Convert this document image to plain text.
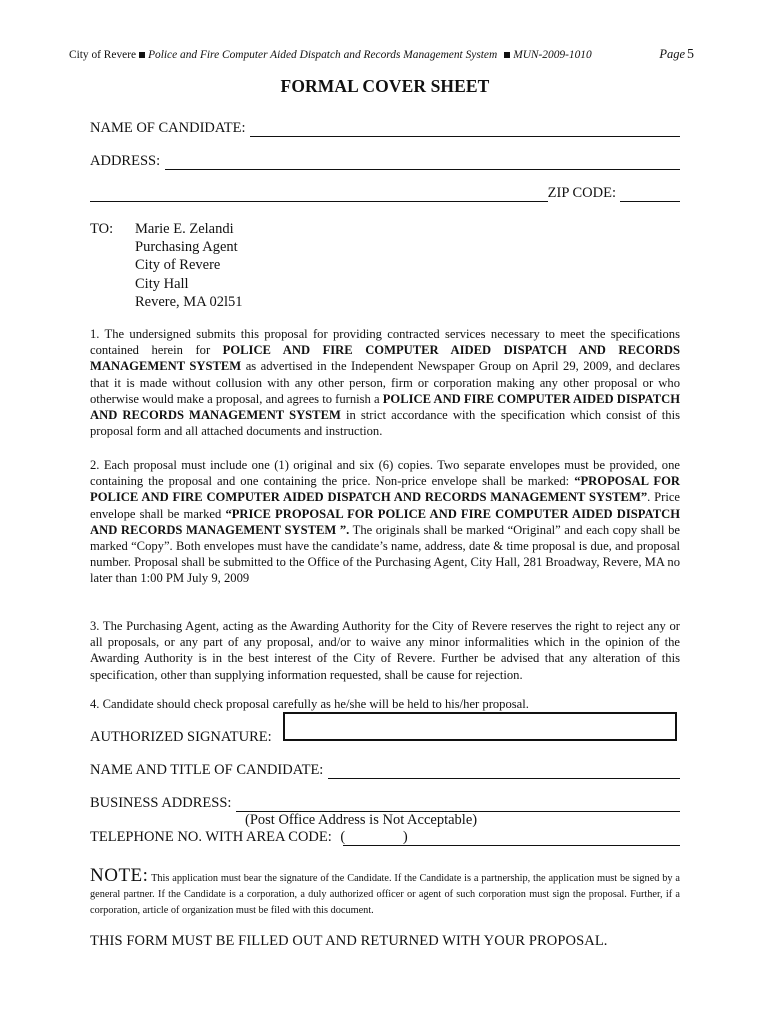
City of Revere Police and Fire Computer Aided Dispatch and Records Management System MUN-2009-1010	Page 5
FORMAL COVER SHEET
NAME OF CANDIDATE:
ADDRESS:
ZIP CODE:
TO: Marie E. Zelandi
Purchasing Agent
City of Revere
City Hall
Revere, MA 02l51
1. The undersigned submits this proposal for providing contracted services necessary to meet the specifications contained herein for POLICE AND FIRE COMPUTER AIDED DISPATCH AND RECORDS MANAGEMENT SYSTEM as advertised in the Independent Newspaper Group on April 29, 2009, and declares that it is made without collusion with any other person, firm or corporation making any other proposal or who otherwise would make a proposal, and agrees to furnish a POLICE AND FIRE COMPUTER AIDED DISPATCH AND RECORDS MANAGEMENT SYSTEM in strict accordance with the specification which consist of this proposal form and all attached documents and instruction.
2. Each proposal must include one (1) original and six (6) copies. Two separate envelopes must be provided, one containing the proposal and one containing the price. Non-price envelope shall be marked: “PROPOSAL FOR POLICE AND FIRE COMPUTER AIDED DISPATCH AND RECORDS MANAGEMENT SYSTEM”. Price envelope shall be marked “PRICE PROPOSAL FOR POLICE AND FIRE COMPUTER AIDED DISPATCH AND RECORDS MANAGEMENT SYSTEM ”. The originals shall be marked “Original” and each copy shall be marked “Copy”. Both envelopes must have the candidate’s name, address, date & time proposal is due, and proposal number. Proposal shall be submitted to the Office of the Purchasing Agent, City Hall, 281 Broadway, Revere, MA no later than 1:00 PM July 9, 2009
3. The Purchasing Agent, acting as the Awarding Authority for the City of Revere reserves the right to reject any or all proposals, or any part of any proposal, and/or to waive any minor informalities which in the opinion of the Awarding Authority is in the best interest of the City of Revere. Further be advised that any alteration of this specification, other than supplying information requested, shall be cause for rejection.
4. Candidate should check proposal carefully as he/she will be held to his/her proposal.
AUTHORIZED SIGNATURE:
NAME AND TITLE OF CANDIDATE:
BUSINESS ADDRESS:
(Post Office Address is Not Acceptable)
TELEPHONE NO. WITH AREA CODE: (	)
NOTE: This application must bear the signature of the Candidate. If the Candidate is a partnership, the application must be signed by a general partner. If the Candidate is a corporation, a duly authorized officer or agent of such corporation must sign the proposal. Further, if a corporation, article of organization must be filed with this document.
THIS FORM MUST BE FILLED OUT AND RETURNED WITH YOUR PROPOSAL.
